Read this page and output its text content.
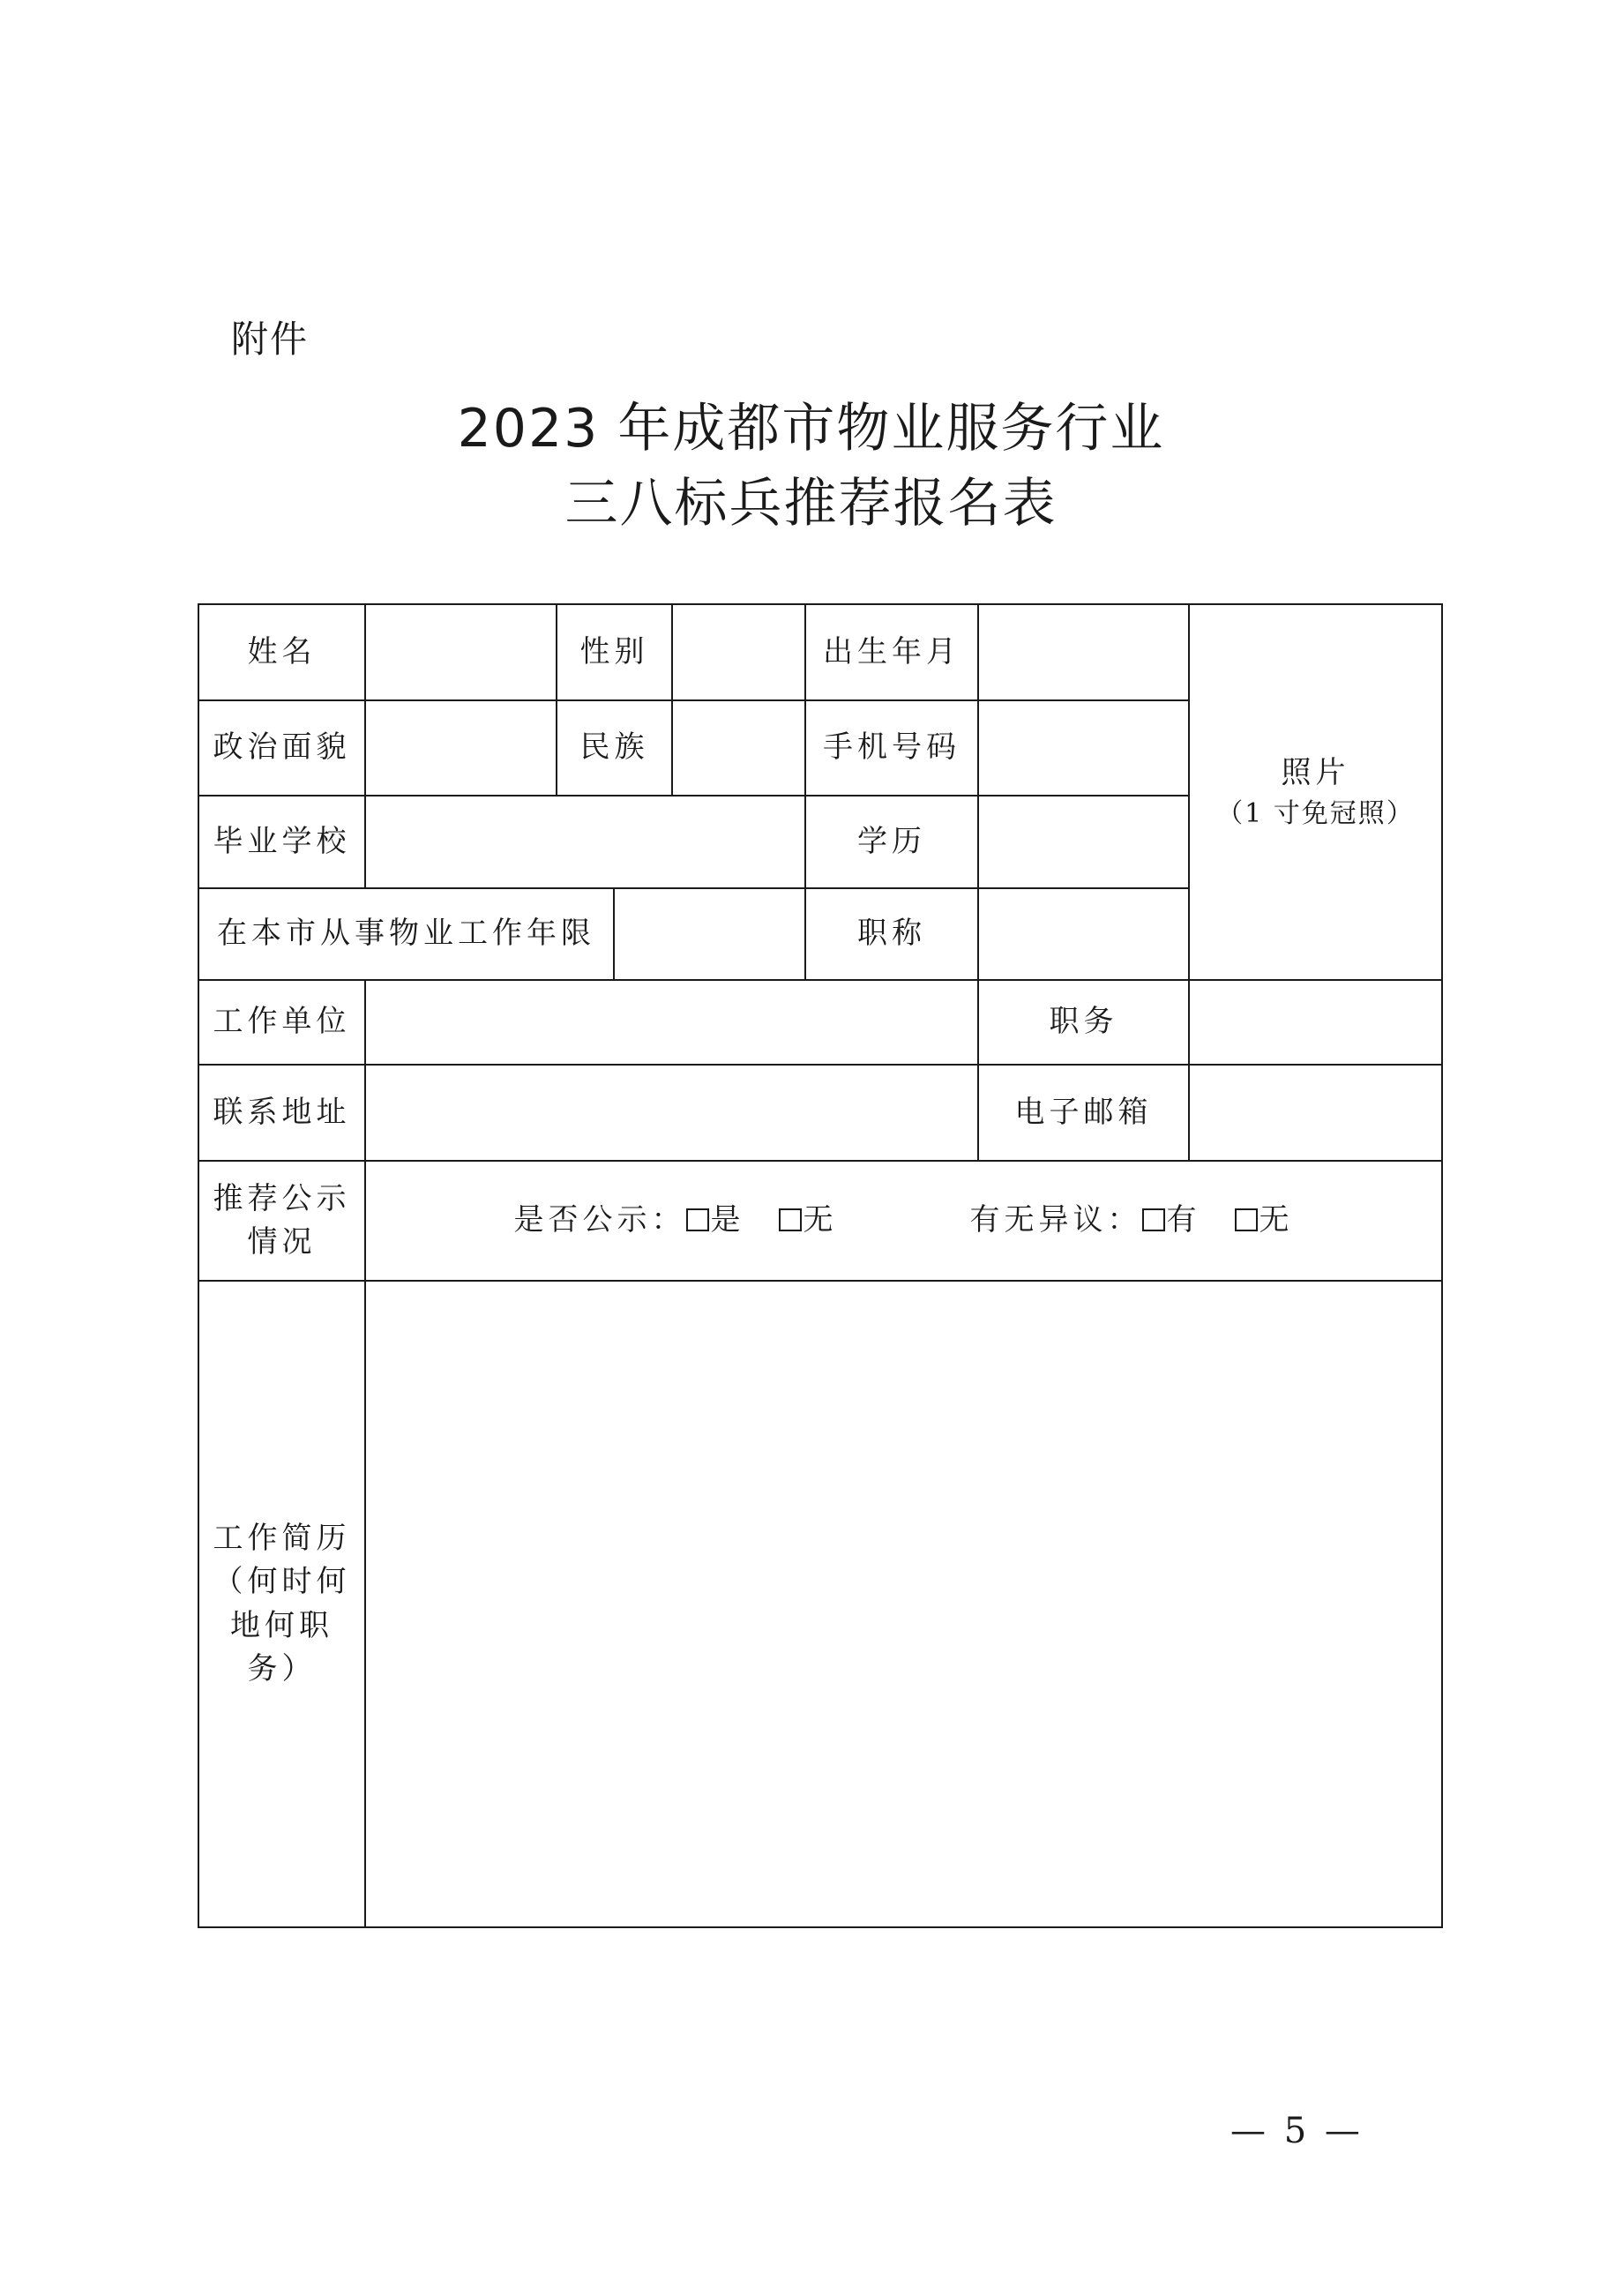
附件
2023 年成都市物业服务行业
三八标兵推荐报名表
姓名		性别			出生年月		照片
（1 寸免冠照）

政治面貌		民族			手机号码		
毕业学校					学历		
在本市从事物业工作年限					职称		
工作单位						职务	
联系地址						电子邮箱	

推荐公示
情况	是否公示： 是 无 有无异议： 有 无						

工作简历
（何时何
地何职
务）							

— 5 —
